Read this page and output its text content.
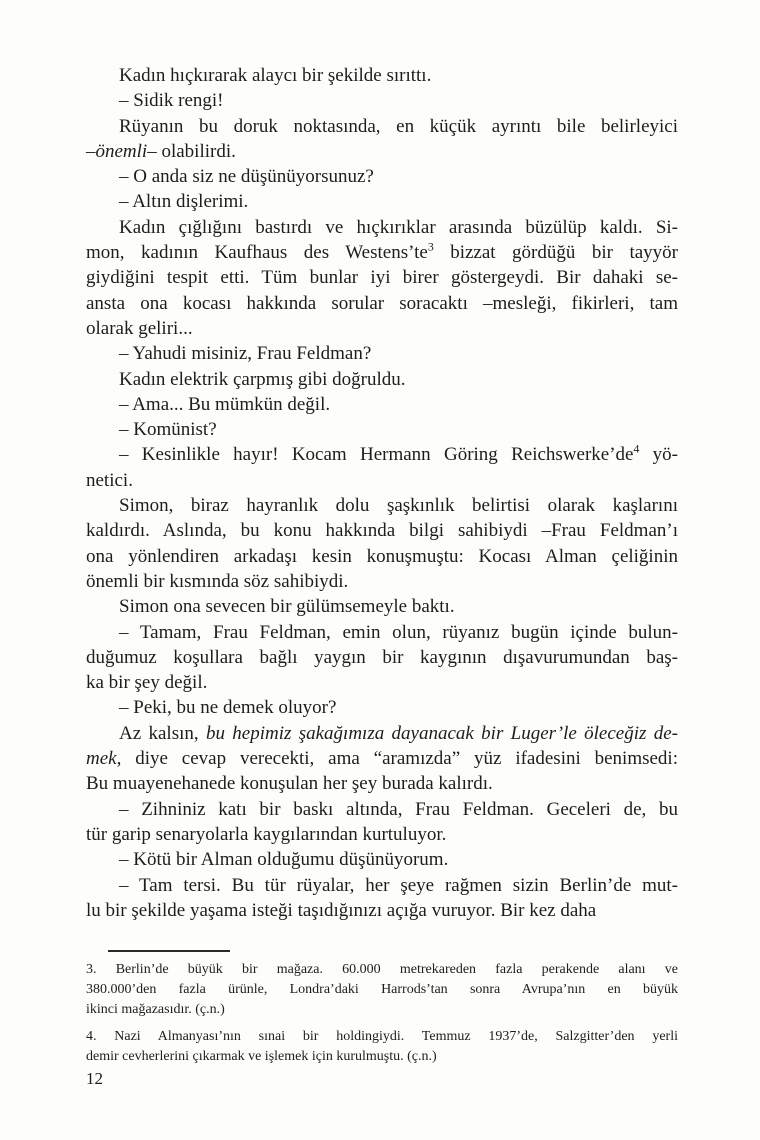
Kadın hıçkırarak alaycı bir şekilde sırıttı.
– Sidik rengi!
Rüyanın bu doruk noktasında, en küçük ayrıntı bile belirleyici
–önemli– olabilirdi.
– O anda siz ne düşünüyorsunuz?
– Altın dişlerimi.
Kadın çığlığını bastırdı ve hıçkırıklar arasında büzülüp kaldı. Si-
mon, kadının Kaufhaus des $Westens’te^3$ bizzat gördüğü bir tayyör
giydiğini tespit etti. Tüm bunlar iyi birer göstergeydi. Bir dahaki se-
ansta ona kocası hakkında sorular soracaktı –mesleği, fikirleri, tam
olarak geliri...
– Yahudi misiniz, Frau Feldman?
Kadın elektrik çarpmış gibi doğruldu.
– Ama... Bu mümkün değil.
– Komünist?
– Kesinlikle hayır! Kocam Hermann Göring $Reichswerke’de^4$ yö-
netici.
Simon, biraz hayranlık dolu şaşkınlık belirtisi olarak kaşlarını
kaldırdı. Aslında, bu konu hakkında bilgi sahibiydi –Frau Feldman’ı
ona yönlendiren arkadaşı kesin konuşmuştu: Kocası Alman çeliğinin
önemli bir kısmında söz sahibiydi.
Simon ona sevecen bir gülümsemeyle baktı.
– Tamam, Frau Feldman, emin olun, rüyanız bugün içinde bulun-
duğumuz koşullara bağlı yaygın bir kaygının dışavurumundan baş-
ka bir şey değil.
– Peki, bu ne demek oluyor?
Az kalsın, bu hepimiz şakağımıza dayanacak bir Luger’le öleceğiz de-
mek, diye cevap verecekti, ama “aramızda” yüz ifadesini benimsedi:
Bu muayenehanede konuşulan her şey burada kalırdı.
– Zihniniz katı bir baskı altında, Frau Feldman. Geceleri de, bu
tür garip senaryolarla kaygılarından kurtuluyor.
– Kötü bir Alman olduğumu düşünüyorum.
– Tam tersi. Bu tür rüyalar, her şeye rağmen sizin Berlin’de mut-
lu bir şekilde yaşama isteği taşıdığınızı açığa vuruyor. Bir kez daha
3. Berlin’de büyük bir mağaza. 60.000 metrekareden fazla perakende alanı ve
380.000’den fazla ürünle, Londra’daki Harrods’tan sonra Avrupa’nın en büyük
ikinci mağazasıdır. (ç.n.)
4. Nazi Almanyası’nın sınai bir holdingiydi. Temmuz 1937’de, Salzgitter’den yerli
demir cevherlerini çıkarmak ve işlemek için kurulmuştu. (ç.n.)
12
